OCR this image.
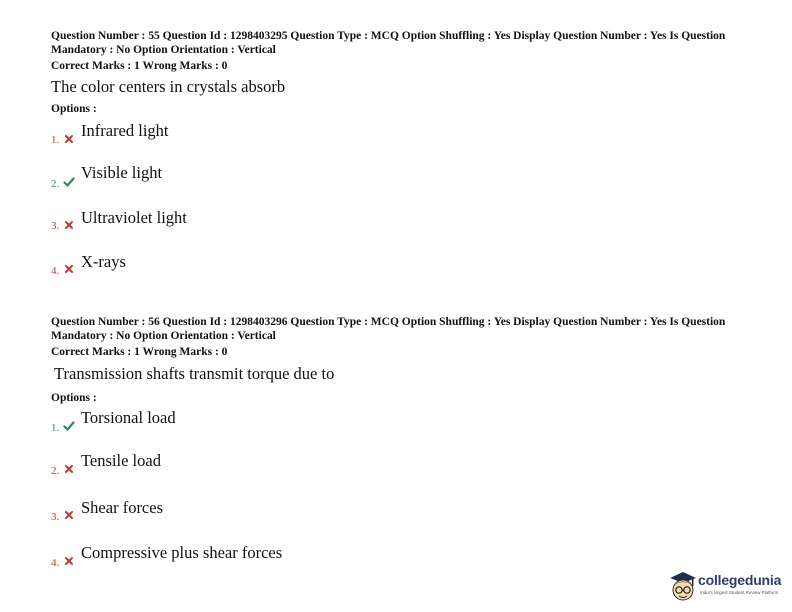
Question Number : 55 Question Id : 1298403295 Question Type : MCQ Option Shuffling : Yes Display Question Number : Yes Is Question Mandatory : No Option Orientation : Vertical
Correct Marks : 1 Wrong Marks : 0
The color centers in crystals absorb
Options :
1. Infrared light
2.
Visible light
3. Ultraviolet light
4. X-rays
Question Number : 56 Question Id : 1298403296 Question Type : MCQ Option Shuffling : Yes Display Question Number : Yes Is Question Mandatory : No Option Orientation : Vertical
Correct Marks : 1 Wrong Marks : 0
Transmission shafts transmit torque due to
Options :
1.
Torsional load
2.
Tensile load
3. Shear forces
4.
Compressive plus shear forces
collegedunia
India's largest Student Review Platform
